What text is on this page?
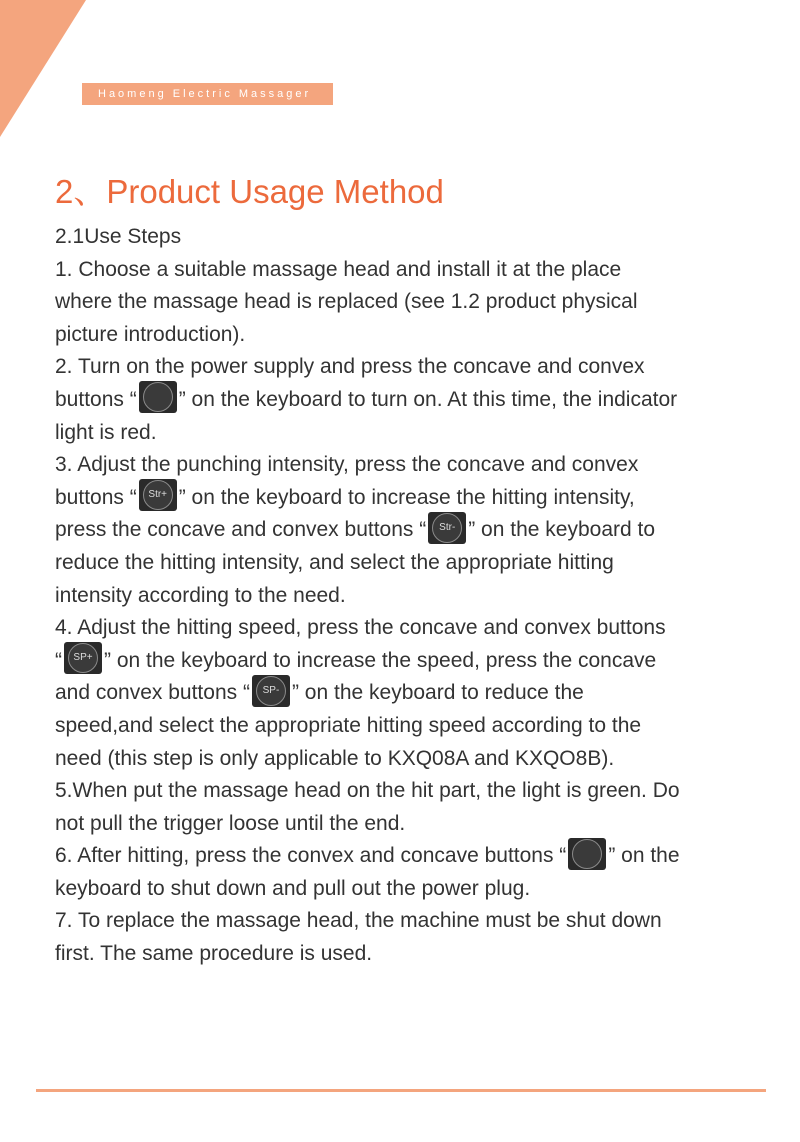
Haomeng Electric Massager
2、Product Usage Method
2.1Use Steps
1. Choose a suitable massage head and install it at the place
where the massage head is replaced (see 1.2 product physical
picture introduction).
2. Turn on the power supply and press the concave and convex
buttons “ ” on the keyboard to turn on. At this time, the indicator
light is red.
3. Adjust the punching intensity, press the concave and convex
buttons “	Str+ ” on the keyboard to increase the hitting intensity,
press the concave and convex buttons “	Str- ” on the keyboard to
reduce the hitting intensity, and select the appropriate hitting
intensity according to the need.
4. Adjust the hitting speed, press the concave and convex buttons
“	SP+ ” on the keyboard to increase the speed, press the concave
and convex buttons “	SP- ” on the keyboard to reduce the
speed,and select the appropriate hitting speed according to the
need (this step is only applicable to KXQ08A and KXQO8B).
5.When put the massage head on the hit part, the light is green. Do
not pull the trigger loose until the end.
6. After hitting, press the convex and concave buttons “ ” on the
keyboard to shut down and pull out the power plug.
7. To replace the massage head, the machine must be shut down
first. The same procedure is used.
